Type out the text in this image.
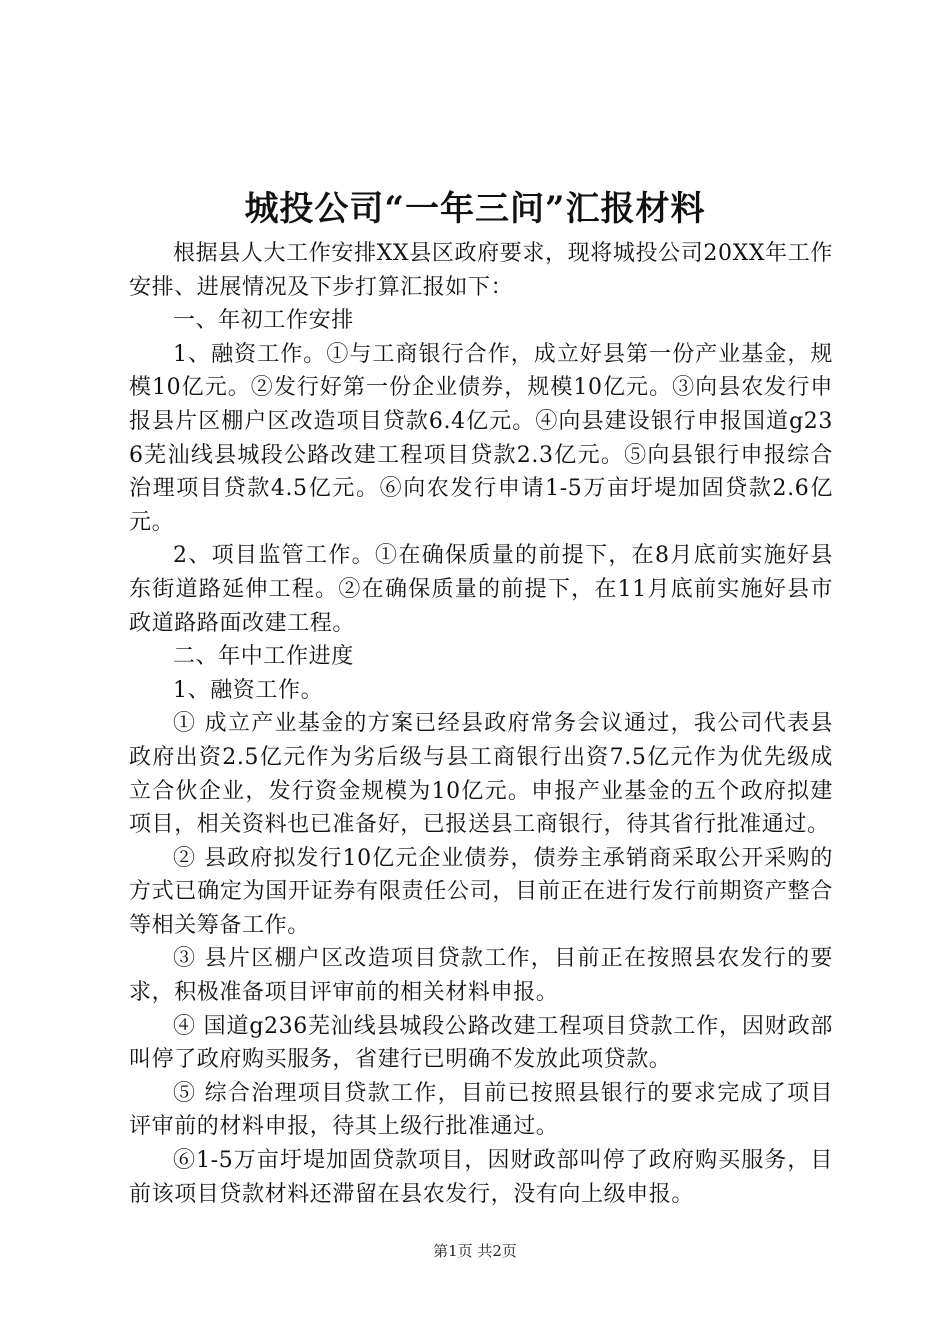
城投公司“一年三问”汇报材料

根据县人大工作安排XX县区政府要求，现将城投公司20XX年工作安排、进展情况及下步打算汇报如下：

一、年初工作安排

1、融资工作。①与工商银行合作，成立好县第一份产业基金，规模10亿元。②发行好第一份企业债券，规模10亿元。③向县农发行申报县片区棚户区改造项目贷款6.4亿元。④向县建设银行申报国道g236芜汕线县城段公路改建工程项目贷款2.3亿元。⑤向县银行申报综合治理项目贷款4.5亿元。⑥向农发行申请1-5万亩圩堤加固贷款2.6亿元。

2、项目监管工作。①在确保质量的前提下，在8月底前实施好县东街道路延伸工程。②在确保质量的前提下，在11月底前实施好县市政道路路面改建工程。

二、年中工作进度

1、融资工作。

① 成立产业基金的方案已经县政府常务会议通过，我公司代表县政府出资2.5亿元作为劣后级与县工商银行出资7.5亿元作为优先级成立合伙企业，发行资金规模为10亿元。申报产业基金的五个政府拟建项目，相关资料也已准备好，已报送县工商银行，待其省行批准通过。

② 县政府拟发行10亿元企业债券，债券主承销商采取公开采购的方式已确定为国开证券有限责任公司，目前正在进行发行前期资产整合等相关筹备工作。

③ 县片区棚户区改造项目贷款工作，目前正在按照县农发行的要求，积极准备项目评审前的相关材料申报。

④ 国道g236芜汕线县城段公路改建工程项目贷款工作，因财政部叫停了政府购买服务，省建行已明确不发放此项贷款。

⑤ 综合治理项目贷款工作，目前已按照县银行的要求完成了项目评审前的材料申报，待其上级行批准通过。

⑥1-5万亩圩堤加固贷款项目，因财政部叫停了政府购买服务，目前该项目贷款材料还滞留在县农发行，没有向上级申报。

第1页 共2页
